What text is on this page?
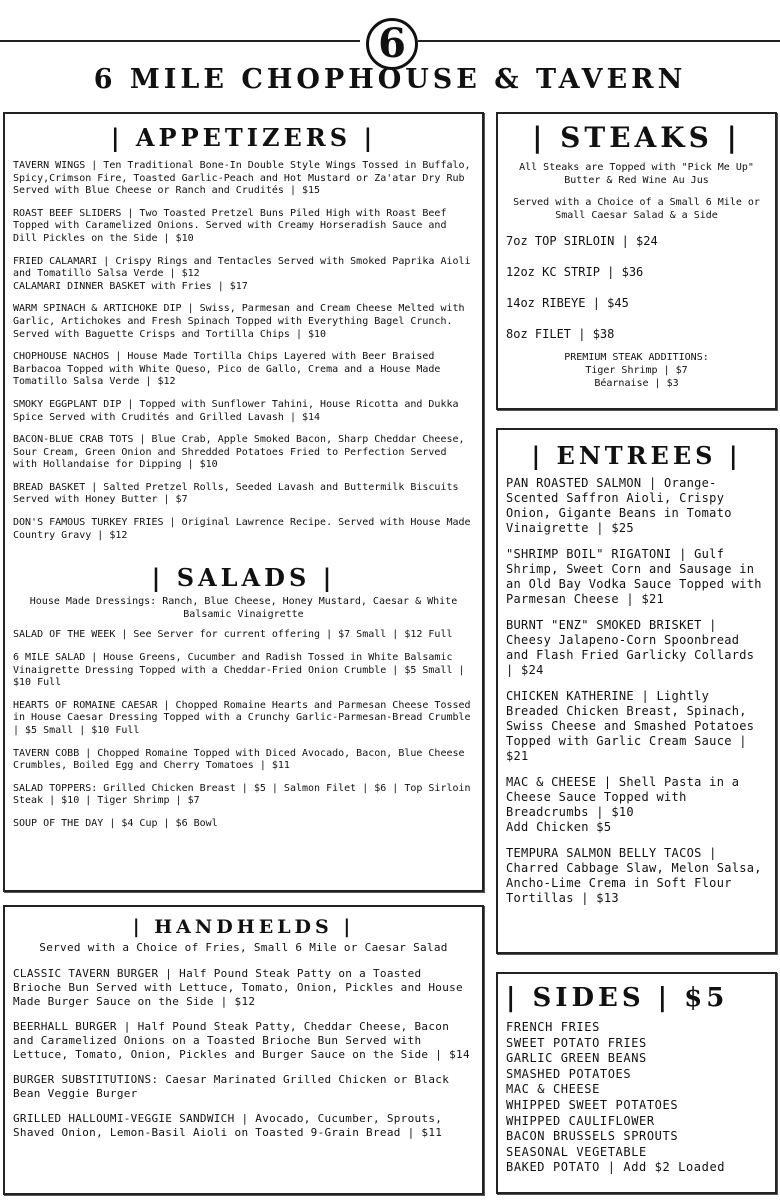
6
6 MILE CHOPHOUSE & TAVERN
| APPETIZERS |
TAVERN WINGS | Ten Traditional Bone-In Double Style Wings Tossed in Buffalo, Spicy,Crimson Fire, Toasted Garlic-Peach and Hot Mustard or Za'atar Dry Rub Served with Blue Cheese or Ranch and Crudités | $15
ROAST BEEF SLIDERS | Two Toasted Pretzel Buns Piled High with Roast Beef Topped with Caramelized Onions. Served with Creamy Horseradish Sauce and Dill Pickles on the Side | $10
FRIED CALAMARI | Crispy Rings and Tentacles Served with Smoked Paprika Aioli and Tomatillo Salsa Verde | $12
CALAMARI DINNER BASKET with Fries | $17
WARM SPINACH & ARTICHOKE DIP | Swiss, Parmesan and Cream Cheese Melted with Garlic, Artichokes and Fresh Spinach Topped with Everything Bagel Crunch. Served with Baguette Crisps and Tortilla Chips | $10
CHOPHOUSE NACHOS | House Made Tortilla Chips Layered with Beer Braised Barbacoa Topped with White Queso, Pico de Gallo, Crema and a House Made Tomatillo Salsa Verde | $12
SMOKY EGGPLANT DIP | Topped with Sunflower Tahini, House Ricotta and Dukka Spice Served with Crudités and Grilled Lavash | $14
BACON-BLUE CRAB TOTS | Blue Crab, Apple Smoked Bacon, Sharp Cheddar Cheese, Sour Cream, Green Onion and Shredded Potatoes Fried to Perfection Served with Hollandaise for Dipping | $10
BREAD BASKET | Salted Pretzel Rolls, Seeded Lavash and Buttermilk Biscuits Served with Honey Butter | $7
DON'S FAMOUS TURKEY FRIES | Original Lawrence Recipe. Served with House Made Country Gravy | $12
| SALADS |
House Made Dressings: Ranch, Blue Cheese, Honey Mustard, Caesar & White Balsamic Vinaigrette
SALAD OF THE WEEK | See Server for current offering | $7 Small | $12 Full
6 MILE SALAD | House Greens, Cucumber and Radish Tossed in White Balsamic Vinaigrette Dressing Topped with a Cheddar-Fried Onion Crumble | $5 Small | $10 Full
HEARTS OF ROMAINE CAESAR | Chopped Romaine Hearts and Parmesan Cheese Tossed in House Caesar Dressing Topped with a Crunchy Garlic-Parmesan-Bread Crumble | $5 Small | $10 Full
TAVERN COBB | Chopped Romaine Topped with Diced Avocado, Bacon, Blue Cheese Crumbles, Boiled Egg and Cherry Tomatoes | $11
SALAD TOPPERS: Grilled Chicken Breast | $5 | Salmon Filet | $6 | Top Sirloin Steak | $10 | Tiger Shrimp | $7
SOUP OF THE DAY | $4 Cup | $6 Bowl
| HANDHELDS |
Served with a Choice of Fries, Small 6 Mile or Caesar Salad
CLASSIC TAVERN BURGER | Half Pound Steak Patty on a Toasted Brioche Bun Served with Lettuce, Tomato, Onion, Pickles and House Made Burger Sauce on the Side | $12
BEERHALL BURGER | Half Pound Steak Patty, Cheddar Cheese, Bacon and Caramelized Onions on a Toasted Brioche Bun Served with Lettuce, Tomato, Onion, Pickles and Burger Sauce on the Side | $14
BURGER SUBSTITUTIONS: Caesar Marinated Grilled Chicken or Black Bean Veggie Burger
GRILLED HALLOUMI-VEGGIE SANDWICH | Avocado, Cucumber, Sprouts, Shaved Onion, Lemon-Basil Aioli on Toasted 9-Grain Bread | $11
| STEAKS |
All Steaks are Topped with "Pick Me Up" Butter & Red Wine Au Jus
Served with a Choice of a Small 6 Mile or Small Caesar Salad & a Side
7oz TOP SIRLOIN | $24
12oz KC STRIP | $36
14oz RIBEYE | $45
8oz FILET | $38
PREMIUM STEAK ADDITIONS:
Tiger Shrimp | $7
Béarnaise | $3
| ENTREES |
PAN ROASTED SALMON | Orange-Scented Saffron Aioli, Crispy Onion, Gigante Beans in Tomato Vinaigrette | $25
"SHRIMP BOIL" RIGATONI | Gulf Shrimp, Sweet Corn and Sausage in an Old Bay Vodka Sauce Topped with Parmesan Cheese | $21
BURNT "ENZ" SMOKED BRISKET | Cheesy Jalapeno-Corn Spoonbread and Flash Fried Garlicky Collards | $24
CHICKEN KATHERINE | Lightly Breaded Chicken Breast, Spinach, Swiss Cheese and Smashed Potatoes Topped with Garlic Cream Sauce | $21
MAC & CHEESE | Shell Pasta in a Cheese Sauce Topped with Breadcrumbs | $10
Add Chicken $5
TEMPURA SALMON BELLY TACOS | Charred Cabbage Slaw, Melon Salsa, Ancho-Lime Crema in Soft Flour Tortillas | $13
| SIDES | $5
FRENCH FRIES
SWEET POTATO FRIES
GARLIC GREEN BEANS
SMASHED POTATOES
MAC & CHEESE
WHIPPED SWEET POTATOES
WHIPPED CAULIFLOWER
BACON BRUSSELS SPROUTS
SEASONAL VEGETABLE
BAKED POTATO | Add $2 Loaded
